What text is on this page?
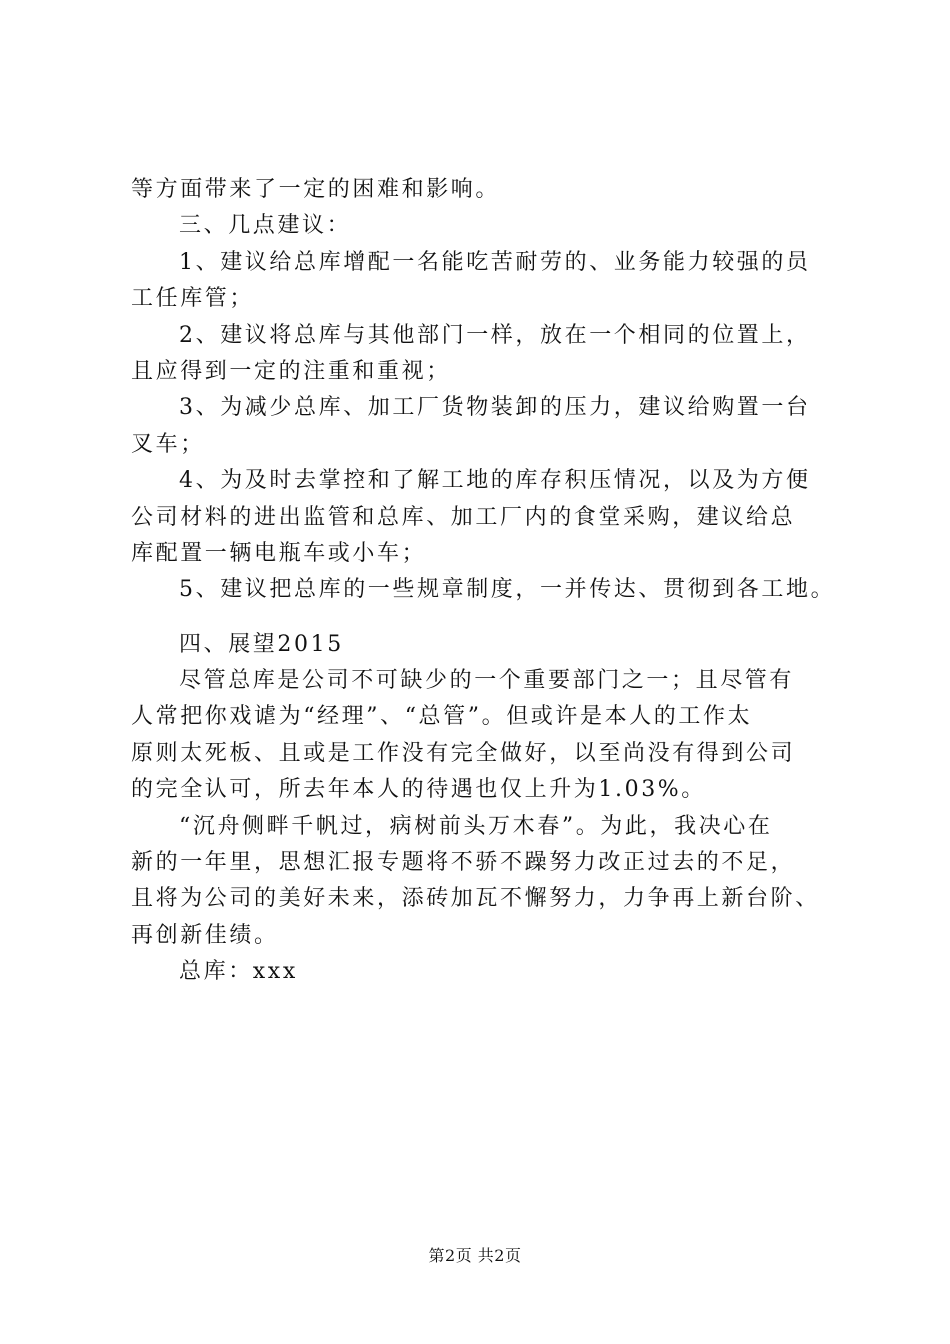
等方面带来了一定的困难和影响。
三、几点建议：
1、建议给总库增配一名能吃苦耐劳的、业务能力较强的员
工任库管；
2、建议将总库与其他部门一样，放在一个相同的位置上，
且应得到一定的注重和重视；
3、为减少总库、加工厂货物装卸的压力，建议给购置一台
叉车；
4、为及时去掌控和了解工地的库存积压情况，以及为方便
公司材料的进出监管和总库、加工厂内的食堂采购，建议给总
库配置一辆电瓶车或小车；
5、建议把总库的一些规章制度，一并传达、贯彻到各工地。
四、展望2015
尽管总库是公司不可缺少的一个重要部门之一；且尽管有
人常把你戏谑为“经理”、“总管”。但或许是本人的工作太
原则太死板、且或是工作没有完全做好，以至尚没有得到公司
的完全认可，所去年本人的待遇也仅上升为1.03%。
“沉舟侧畔千帆过，病树前头万木春”。为此，我决心在
新的一年里，思想汇报专题将不骄不躁努力改正过去的不足，
且将为公司的美好未来，添砖加瓦不懈努力，力争再上新台阶、
再创新佳绩。
总库：xxx
第2页 共2页
